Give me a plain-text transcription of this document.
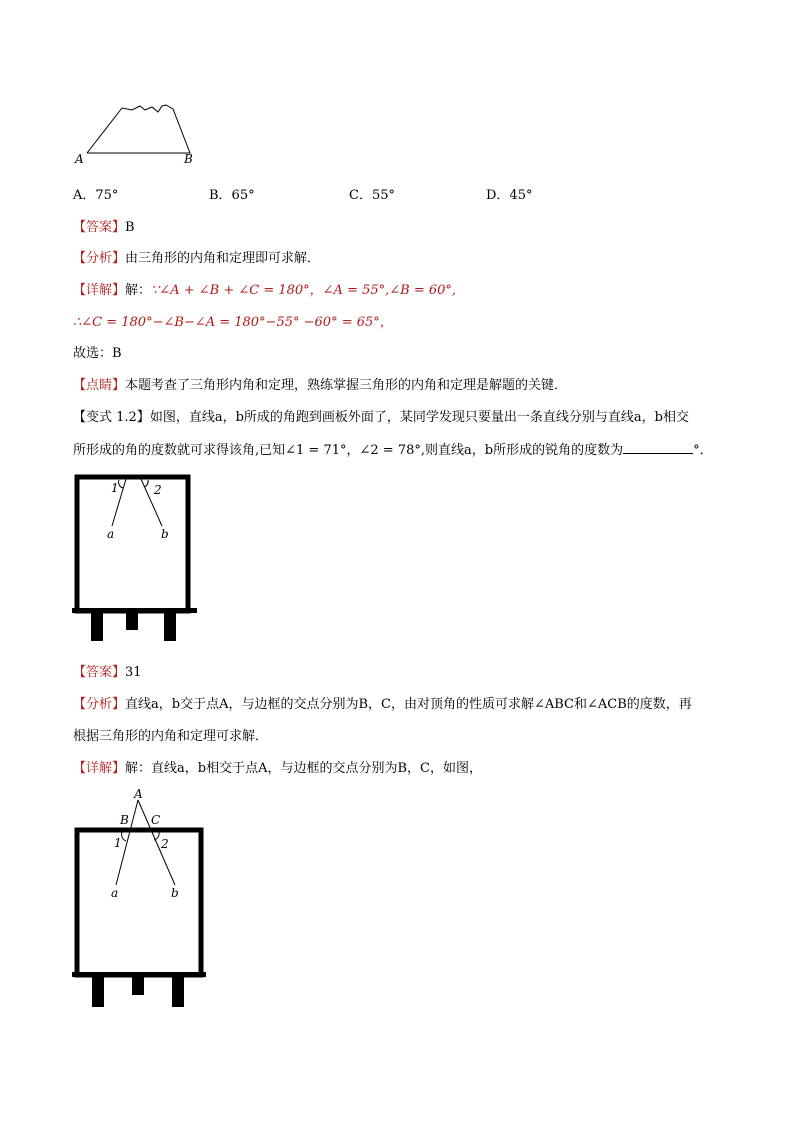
A	B
A．75°	B．65°	C．55°	D．45°
【答案】B
【分析】由三角形的内角和定理即可求解．
【详解】解：∵∠A + ∠B + ∠C = 180°，∠A = 55°,∠B = 60°,
∴∠C = 180°−∠B−∠A = 180°−55° −60° = 65°，
故选：B
【点睛】本题考查了三角形内角和定理，熟练掌握三角形的内角和定理是解题的关键．
【变式 1.2】如图，直线a，b所成的角跑到画板外面了，某同学发现只要量出一条直线分别与直线a，b相交
所形成的角的度数就可求得该角,已知∠1 = 71°，∠2 = 78°,则直线a，b所形成的锐角的度数为	°．
1	2
a	b
【答案】31
【分析】直线a，b交于点A，与边框的交点分别为B，C，由对顶角的性质可求解∠ABC和∠ACB的度数，再
根据三角形的内角和定理可求解．
【详解】解：直线a，b相交于点A，与边框的交点分别为B，C，如图，
A
B C
1	2
a	b
